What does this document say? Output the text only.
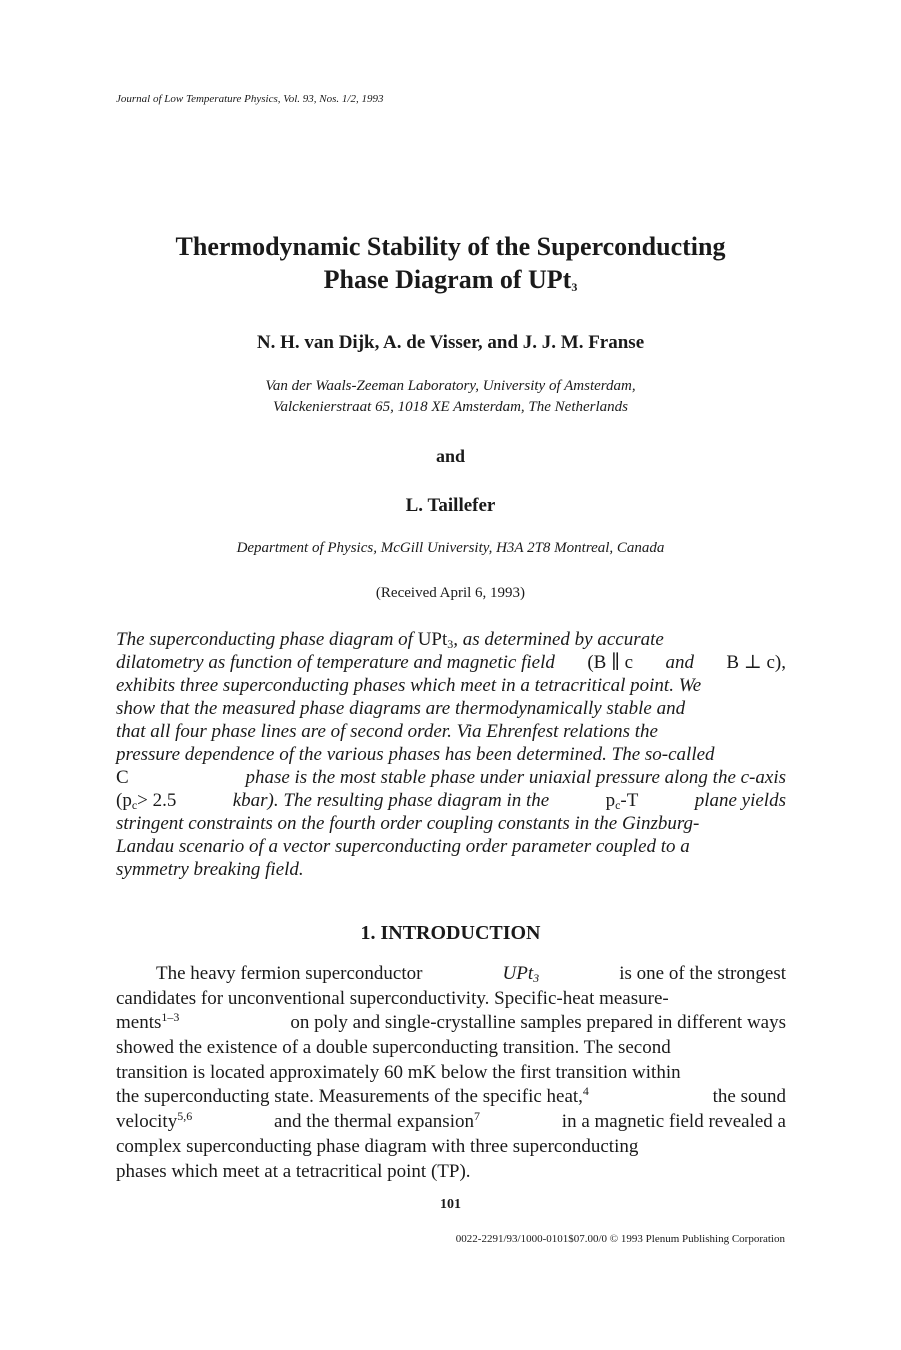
Journal of Low Temperature Physics, Vol. 93, Nos. 1/2, 1993
Thermodynamic Stability of the Superconducting
Phase Diagram of UPt$_3$
N. H. van Dijk, A. de Visser, and J. J. M. Franse
Van der Waals-Zeeman Laboratory, University of Amsterdam,
Valckenierstraat 65, 1018 XE Amsterdam, The Netherlands
and
L. Taillefer
Department of Physics, McGill University, H3A 2T8 Montreal, Canada
(Received April 6, 1993)
The superconducting phase diagram of UPt$_3$, as determined by accurate
dilatometry as function of temperature and magnetic field (B ∥ c and B ⊥ c),
exhibits three superconducting phases which meet in a tetracritical point. We
show that the measured phase diagrams are thermodynamically stable and
that all four phase lines are of second order. Via Ehrenfest relations the
pressure dependence of the various phases has been determined. The so-called
C	phase is the most stable phase under uniaxial pressure along the c-axis
($p_c> 2.5$	kbar). The resulting phase diagram in the	$p_c-T$	plane yields
stringent constraints on the fourth order coupling constants in the Ginzburg-
Landau scenario of a vector superconducting order parameter coupled to a
symmetry breaking field.
1. INTRODUCTION
The heavy fermion superconductor	UPt$_3$	is one of the strongest
candidates for unconventional superconductivity. Specific-heat measure-
ments$^{1-3}$	on poly and single-crystalline samples prepared in different ways
showed the existence of a double superconducting transition. The second
transition is located approximately 60 mK below the first transition within
the superconducting state. Measurements of the specific heat,$^4$	the sound
velocity$^{5,6}$	and the thermal expansion$^7$	in a magnetic field revealed a
complex superconducting phase diagram with three superconducting
phases which meet at a tetracritical point (TP).
101
0022-2291/93/1000-0101$07.00/0 © 1993 Plenum Publishing Corporation
